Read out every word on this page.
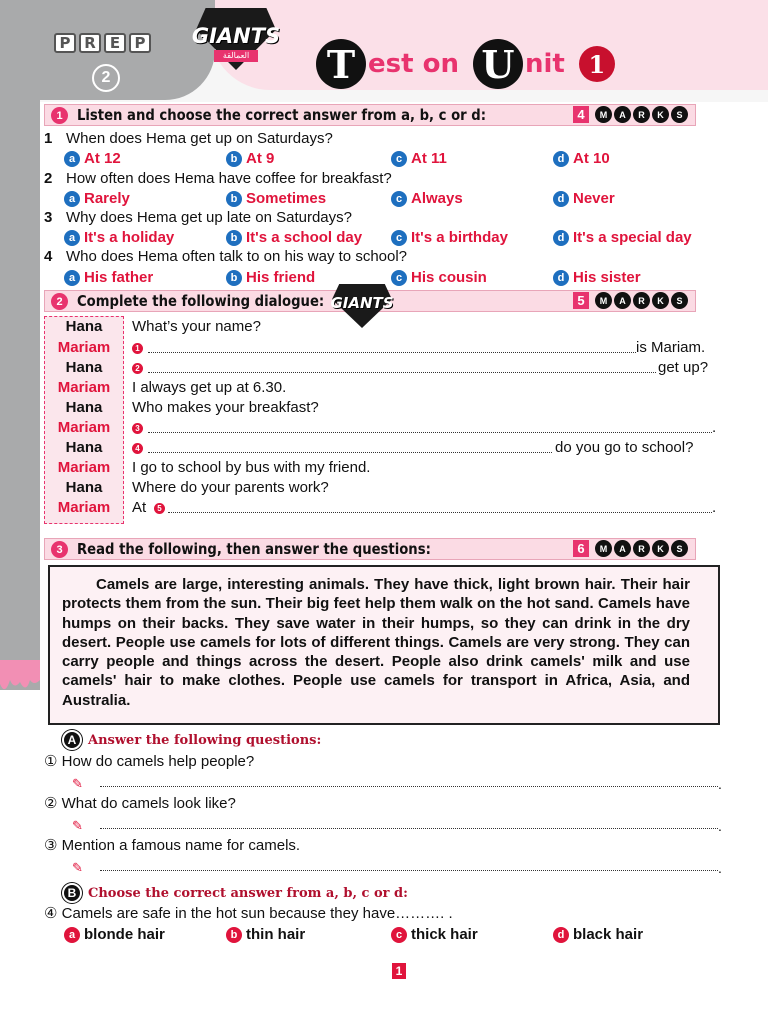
P R E P
2
GIANTS
العمالقة T est on U nit 1
1 Listen and choose the correct answer from a, b, c or d:	4	M	A	R	K	S
1 When does Hema get up on Saturdays?
a At 12	b At 9	c At 11	d At 10
2 How often does Hema have coffee for breakfast?
a Rarely	b Sometimes	c Always	d Never
3 Why does Hema get up late on Saturdays?
a It's a holiday	b It's a school day	c It's a birthday	d It's a special day
4 Who does Hema often talk to on his way to school?
a His father	b His friend	c His cousin	d His sister
2 Complete the following dialogue:	5	M	A	R	K	S
GIANTS
Hana	What’s your name?
Mariam	1	is Mariam.
Hana	2	get up?
Mariam	I always get up at 6.30.
Hana	Who makes your breakfast?
Mariam	3	.
Hana	4	do you go to school?
Mariam	I go to school by bus with my friend.
Hana	Where do your parents work?
Mariam	At	5	.
3 Read the following, then answer the questions:	6	M	A	R	K	S

Camels are large, interesting animals. They have thick, light brown hair. Their hair protects them from the sun. Their big feet help them walk on the hot sand. Camels have humps on their backs. They save water in their humps, so they can drink in the dry desert. People use camels for lots of different things. Camels are very strong. They can carry people and things across the desert. People also drink camels' milk and use camels' hair to make clothes. People use camels for transport in Africa, Asia, and Australia.

A Answer the following questions:
① How do camels help people?
✎	.
② What do camels look like?
✎	.
③ Mention a famous name for camels.
✎	.
B Choose the correct answer from a, b, c or d:
④ Camels are safe in the hot sun because they have………. .
a blonde hair	b thin hair	c thick hair	d black hair
1
